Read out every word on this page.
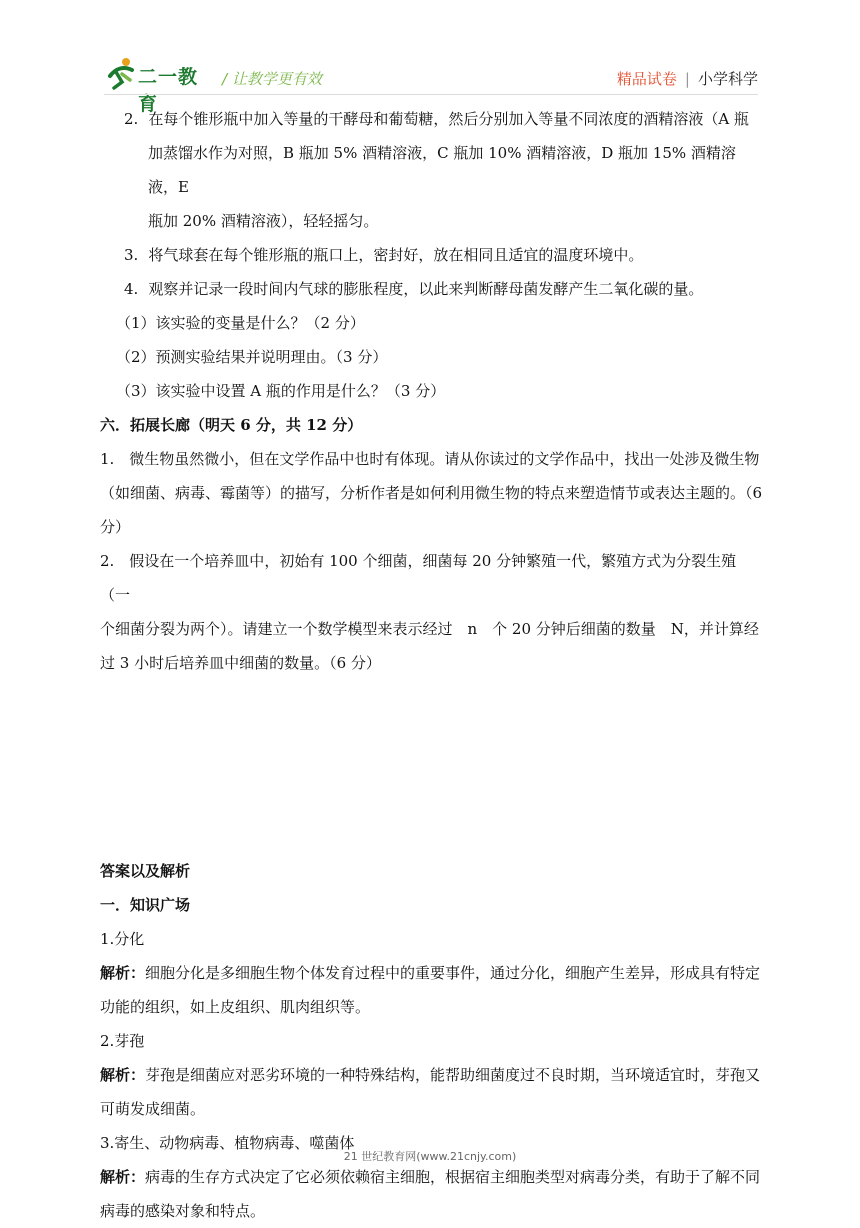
二一教育
/ 让教学更有效	精品试卷 | 小学科学

2. 在每个锥形瓶中加入等量的干酵母和葡萄糖，然后分别加入等量不同浓度的酒精溶液（A 瓶

加蒸馏水作为对照，B 瓶加 5% 酒精溶液，C 瓶加 10% 酒精溶液，D 瓶加 15% 酒精溶液，E

瓶加 20% 酒精溶液），轻轻摇匀。

3. 将气球套在每个锥形瓶的瓶口上，密封好，放在相同且适宜的温度环境中。

4. 观察并记录一段时间内气球的膨胀程度，以此来判断酵母菌发酵产生二氧化碳的量。

（1）该实验的变量是什么？（2 分）

（2）预测实验结果并说明理由。（3 分）

（3）该实验中设置 A 瓶的作用是什么？（3 分）

六．拓展长廊（明天 6 分，共 12 分）

1.　微生物虽然微小，但在文学作品中也时有体现。请从你读过的文学作品中，找出一处涉及微生物

（如细菌、病毒、霉菌等）的描写，分析作者是如何利用微生物的特点来塑造情节或表达主题的。（6

分）

2.　假设在一个培养皿中，初始有 100 个细菌，细菌每 20 分钟繁殖一代，繁殖方式为分裂生殖（一

个细菌分裂为两个）。请建立一个数学模型来表示经过　n　个 20 分钟后细菌的数量　N，并计算经

过 3 小时后培养皿中细菌的数量。（6 分）

答案以及解析

一．知识广场

1.分化

解析：细胞分化是多细胞生物个体发育过程中的重要事件，通过分化，细胞产生差异，形成具有特定

功能的组织，如上皮组织、肌肉组织等。

2.芽孢

解析：芽孢是细菌应对恶劣环境的一种特殊结构，能帮助细菌度过不良时期，当环境适宜时，芽孢又

可萌发成细菌。

3.寄生、动物病毒、植物病毒、噬菌体

解析：病毒的生存方式决定了它必须依赖宿主细胞，根据宿主细胞类型对病毒分类，有助于了解不同

病毒的感染对象和特点。

21 世纪教育网(www.21cnjy.com)
